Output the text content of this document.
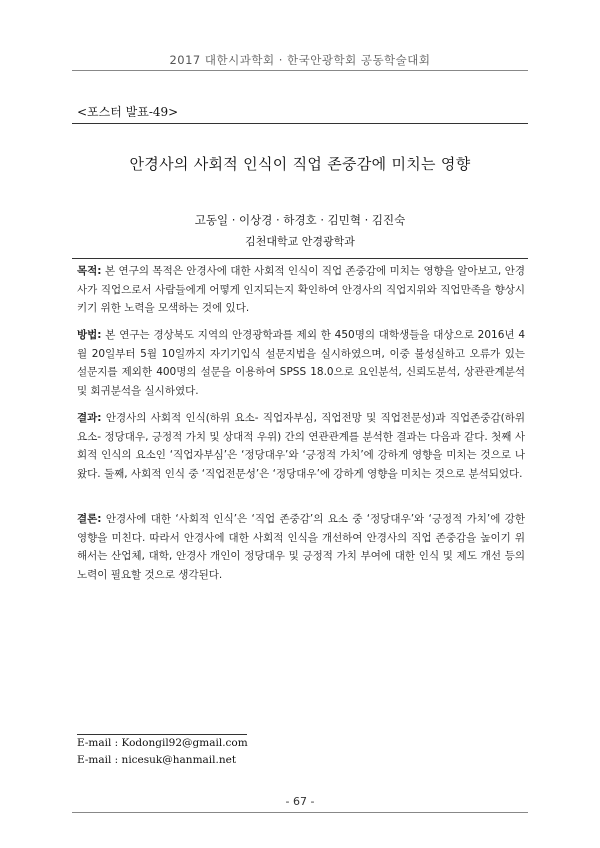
2017 대한시과학회 · 한국안광학회 공동학술대회
<포스터 발표-49>
안경사의 사회적 인식이 직업 존중감에 미치는 영향
고동일 · 이상경 · 하경호 · 김민혁 · 김진숙
김천대학교 안경광학과
목적: 본 연구의 목적은 안경사에 대한 사회적 인식이 직업 존중감에 미치는 영향을 알아보고, 안경사가 직업으로서 사람들에게 어떻게 인지되는지 확인하여 안경사의 직업지위와 직업만족을 향상시키기 위한 노력을 모색하는 것에 있다.
방법: 본 연구는 경상북도 지역의 안경광학과를 제외 한 450명의 대학생들을 대상으로 2016년 4월 20일부터 5월 10일까지 자기기입식 설문지법을 실시하였으며, 이중 불성실하고 오류가 있는 설문지를 제외한 400명의 설문을 이용하여 SPSS 18.0으로 요인분석, 신뢰도분석, 상관관계분석 및 회귀분석을 실시하였다.
결과: 안경사의 사회적 인식(하위 요소- 직업자부심, 직업전망 및 직업전문성)과 직업존중감(하위 요소- 정당대우, 긍정적 가치 및 상대적 우위) 간의 연관관계를 분석한 결과는 다음과 같다. 첫째 사회적 인식의 요소인 ‘직업자부심’은 ‘정당대우’와 ‘긍정적 가치’에 강하게 영향을 미치는 것으로 나왔다. 둘째, 사회적 인식 중 ‘직업전문성’은 ‘정당대우’에 강하게 영향을 미치는 것으로 분석되었다.
결론: 안경사에 대한 ‘사회적 인식’은 ‘직업 존중감’의 요소 중 ‘정당대우’와 ‘긍정적 가치’에 강한 영향을 미친다. 따라서 안경사에 대한 사회적 인식을 개선하여 안경사의 직업 존중감을 높이기 위해서는 산업체, 대학, 안경사 개인이 정당대우 및 긍정적 가치 부여에 대한 인식 및 제도 개선 등의 노력이 필요할 것으로 생각된다.
E-mail : Kodongil92@gmail.com
E-mail : nicesuk@hanmail.net
- 67 -
